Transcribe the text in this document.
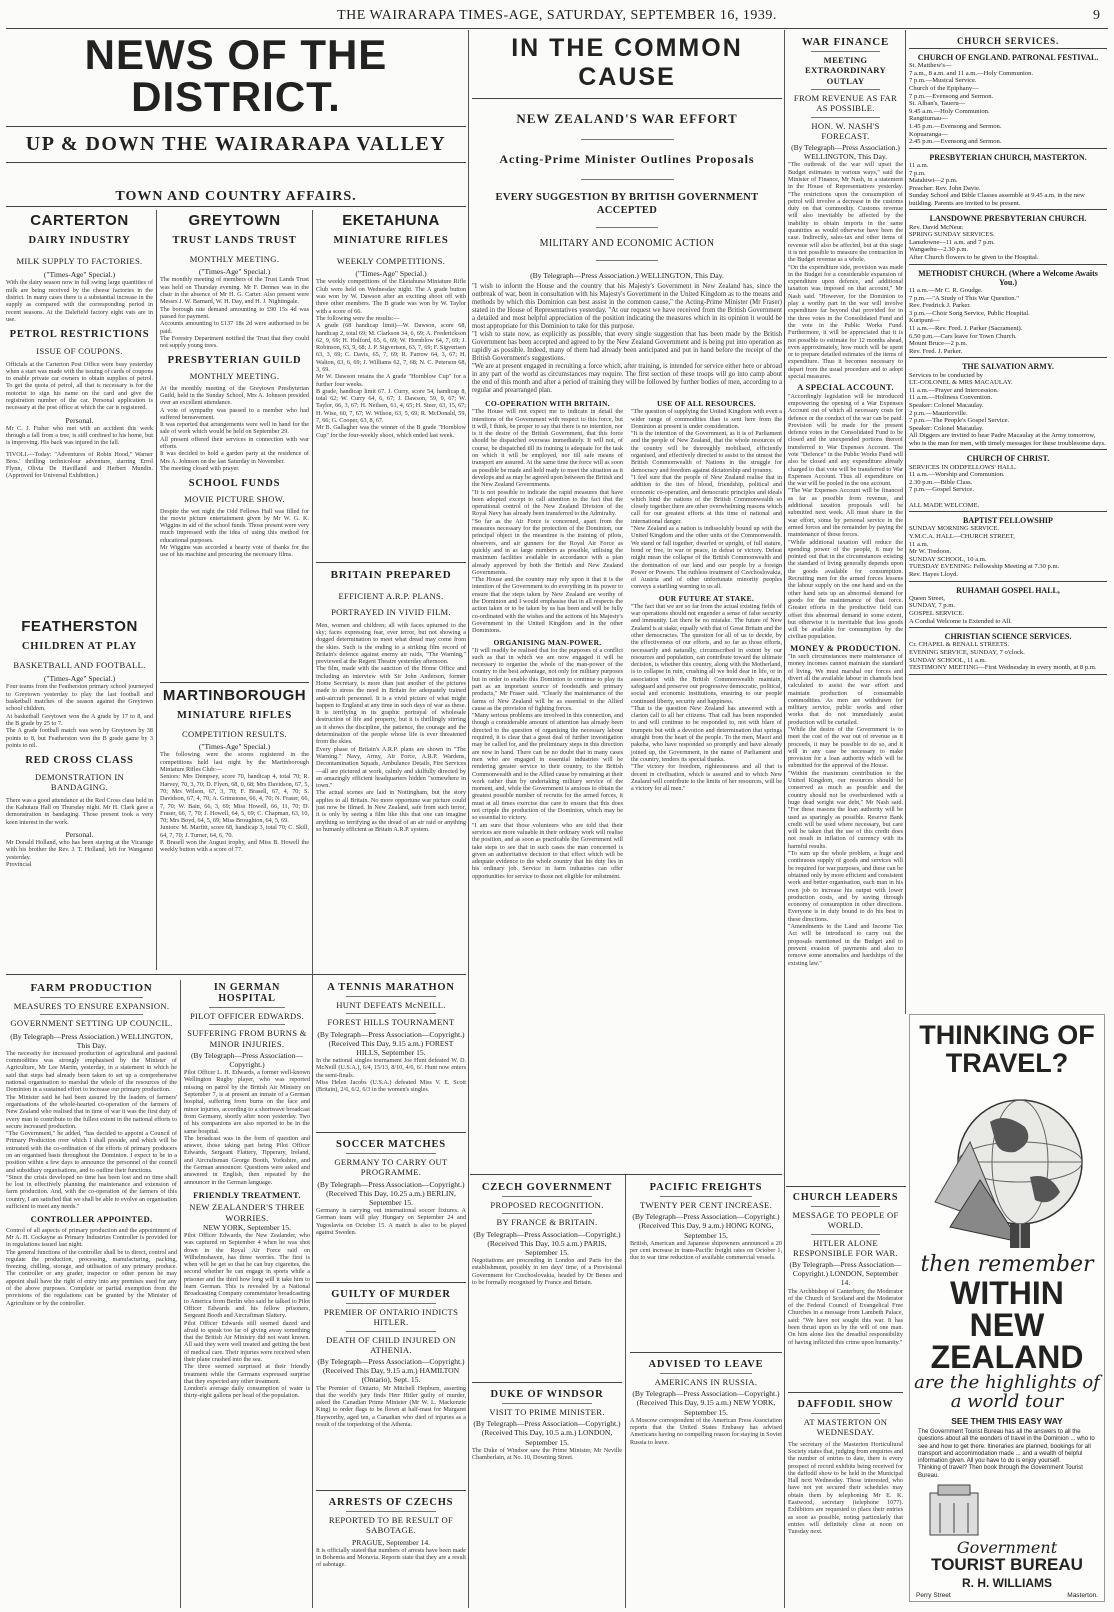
THE WAIRARAPA TIMES-AGE, SATURDAY, SEPTEMBER 16, 1939.	9
NEWS OF THE DISTRICT.
UP & DOWN THE WAIRARAPA VALLEY
TOWN AND COUNTRY AFFAIRS.
CARTERTON
DAIRY INDUSTRY
MILK SUPPLY TO FACTORIES.
("Times-Age" Special.)
With the dairy season now in full swing large quantities of milk are being received by the cheese factories in the district. In many cases there is a substantial increase in the supply as compared with the corresponding period in recent seasons. At the Dalefield factory eight vats are in use.
PETROL RESTRICTIONS
ISSUE OF COUPONS.
Officials at the Carterton Post Office were busy yesterday when a start was made with the issuing of cards of coupons to enable private car owners to obtain supplies of petrol. To get the quota of petrol, all that is necessary is for the motorist to sign his name on the card and give the registration number of the car. Personal application is necessary at the post office at which the car is registered.
Personal.
Mr C. J. Fisher who met with an accident this week through a fall from a tree, is still confined to his home, but is improving. His back was injured in the fall.
TIVOLI.—Today: "Adventures of Robin Hood," Warner Bros.' thrilling technicolour adventure, starring Errol Flynn, Olivia De Havilland and Herbert Mundin. (Approved for Universal Exhibition.)
FEATHERSTON
CHILDREN AT PLAY
BASKETBALL AND FOOTBALL.
("Times-Age" Special.)
Four teams from the Featherston primary school journeyed to Greytown yesterday to play the last football and basketball matches of the season against the Greytown school children.
At basketball Greytown won the A grade by 17 to 8, and the B grade by 25 to 7.
The A grade football match was won by Greytown by 38 points to 8, but Featherston won the B grade game by 3 points to nil.
RED CROSS CLASS
DEMONSTRATION IN BANDAGING.
There was a good attendance at the Red Cross class held in the Kahutara Hall on Thursday night. Mr H. Clark gave a demonstration in bandaging. Those present took a very keen interest in the work.
Personal.
Mr Donald Holland, who has been staying at the Vicarage with his brother the Rev. J. T. Holland, left for Wanganui yesterday.
Provincial
GREYTOWN
TRUST LANDS TRUST
MONTHLY MEETING.
("Times-Age" Special.)
The monthly meeting of members of the Trust Lands Trust was held on Thursday evening. Mr F. Dennes was in the chair in the absence of Mr H. G. Carter. Also present were Messrs J. W. Barnard, W. H. Day, and H. J. Nightingale.
The borough rate demand amounting to £90 15s 4d was passed for payment.
Accounts amounting to £137 18s 2d were authorised to be paid.
The Forestry Department notified the Trust that they could not supply young trees.
PRESBYTERIAN GUILD
MONTHLY MEETING.
At the monthly meeting of the Greytown Presbyterian Guild, held in the Sunday School, Mrs A. Johnson presided over an excellent attendance.
A vote of sympathy was passed to a member who had suffered bereavement.
It was reported that arrangements were well in hand for the sale of work which would be held on September 29.
All present offered their services in connection with war efforts.
It was decided to hold a garden party at the residence of Mrs A. Johnson on the last Saturday in November.
The meeting closed with prayer.
SCHOOL FUNDS
MOVIE PICTURE SHOW.
Despite the wet night the Odd Fellows Hall was filled for the movie picture entertainment given by Mr W. G. K. Wiggins in aid of the school funds. Those present were very much impressed with the idea of using this method for educational purposes.
Mr Wiggins was accorded a hearty vote of thanks for the use of his machine and procuring the necessary films.
MARTINBOROUGH
MINIATURE RIFLES
COMPETITION RESULTS.
("Times-Age" Special.)
The following were the scores registered in the competitions held last night by the Martinborough Miniature Rifles Club:—
Seniors: Mrs Dempsey, score 70, handicap 4, total 70; R. Harvey, 70, 3, 70; D. Flyen, 68, 0, 68; Mrs Davidson, 67, 5, 70; Mrs Wilson, 67, 3, 70; F. Brasell, 67, 4, 70; S. Davidson, 67, 4, 70; A. Grimstone, 66, 4, 70; N. Fraser, 66, 7, 70; W. Bain, 66, 3, 69; Miss Howell, 66, 11, 70; D. Fraser, 66, 7, 70; J. Howell, 64, 5, 69; C. Chapman, 63, 10, 70; Mrs Boyd, 64, 5, 69; Miss Broughton, 64, 5, 69.
Juniors: M. Marfitt, score 68, handicap 3, total 70; C. Skill, 64, 7, 70; J. Turner, 64, 6, 70.
P. Brasell won the August trophy, and Miss B. Howell the weekly button with a score of 77.
EKETAHUNA
MINIATURE RIFLES
WEEKLY COMPETITIONS.
("Times-Age" Special.)
The weekly competitions of the Eketahuna Miniature Rifle Club were held on Wednesday night. The A grade button was won by W. Dawson after an exciting shoot off with three other members. The B grade was won by W. Taylor with a score of 66.
The following were the results:—
A grade (68 handicap limit)—W. Dawson, score 68, handicap 2, total 69; M. Clarkson 34, 6, 69; A. Frederickson 62, 9, 69; H. Holford, 65, 6, 69; W. Hornblow 64, 7, 69; J. Robinson, 63, 9, 68; J. P. Sigvertsen, 63, 7, 69; F. Sigvertsen 63, 3, 69; C. Davis, 65, 7, 69; R. Farrow 64, 3, 67; H. Walton, 63, 6, 69; J. Williams 62, 7, 68; N. C. Peterson 68, 3, 69.
Mr W. Dawson retains the A grade "Hornblow Cup" for a further four weeks.
B grade, handicap limit 67. J. Curry, score 54, handicap 8, total 62; W. Curry 64, 6, 67; J. Dawson, 59, 9, 67; W. Taylor, 66, 3, 67; H. Neilsen, 61, 4, 65; H. Steer, 63, 15, 67; H. Wise, 60, 7, 67; W. Wilson, 63, 5, 69; R. McDonald, 59, 7, 66; G. Cooper, 63, 8, 67.
Mr B. Gallagher was the winner of the B grade "Hornblow Cup" for the four-weekly shoot, which ended last week.
BRITAIN PREPARED
EFFICIENT A.R.P. PLANS.
PORTRAYED IN VIVID FILM.
Men, women and children; all with faces upturned to the sky; faces expressing fear, ever terror, but not showing a dogged determination to meet what dread may come from the skies. Such is the ending to a striking film record of Britain's defence against enemy air raids, "The Warning," previewed at the Regent Theatre yesterday afternoon.
The film, made with the sanction of the Home Office and including an interview with Sir John Anderson, former Home Secretary, is more than just another of the pictures made to stress the need in Britain for adequately trained anti-aircraft personnel. It is a vivid picture of what might happen to England at any time in such days of war as these. It is terrifying in its graphic portrayal of wholesale destruction of life and property, but it is thrillingly stirring as it shows the discipline, the patience, the courage and the determination of the people whose life is ever threatened from the skies.
Every phase of Britain's A.R.P. plans are shown in "The Warning." Navy, Army, Air Force, A.R.P. Wardens, Decontamination Squads, Ambulance Details, Fire Services—all are pictured at work, calmly and skilfully directed by an amazingly efficient headquarters hidden "somewhere in town."
The actual scenes are laid in Nottingham, but the story applies to all Britain. No more opportune war picture could just now be filmed. In New Zealand, safe from such terror, it is only by seeing a film like this that one can imagine anything so terrifying as the dread of an air raid or anything so humanly efficient as Britain A.R.P. system.
FARM PRODUCTION
MEASURES TO ENSURE EXPANSION.
GOVERNMENT SETTING UP COUNCIL.
(By Telegraph—Press Association.) WELLINGTON, This Day.
The necessity for increased production of agricultural and pastoral commodities was strongly emphasised by the Minister of Agriculture, Mr Lee Martin, yesterday, in a statement in which he said that steps had already been taken to set up a comprehensive national organisation to marshal the whole of the resources of the Dominion in a sustained effort to increase our primary production.
The Minister said he had been assured by the leaders of farmers' organisations of the whole-hearted co-operation of the farmers of New Zealand who realised that in time of war it was the first duty of every man to contribute to the fullest extent in the national efforts to secure increased production.
"The Government," he added, "has decided to appoint a Council of Primary Production over which I shall preside, and which will be entrusted with the co-ordination of the efforts of primary producers on an organised basis throughout the Dominion. I expect to be in a position within a few days to announce the personnel of the council and subsidiary organisations, and to outline their functions.
"Since the crisis developed no time has been lost and no time shall be lost in effectively planning the maintenance and extension of farm production. And, with the co-operation of the farmers of this country, I am satisfied that we shall be able to evolve an organisation sufficient to meet any needs."
CONTROLLER APPOINTED.
Control of all aspects of primary production and the appointment of Mr A. H. Cockayne as Primary Industries Controller is provided for in regulations issued last night.
The general functions of the controller shall be to direct, control and regulate the production, processing, manufacturing, packing, freezing, chilling, storage, and utilisation of any primary produce. The controller or any grader, inspector or other person he may appoint shall have the right of entry into any premises used for any of the above purposes. Complete or partial exemption from the provisions of the regulations can be granted by the Minister of Agriculture or by the controller.
IN GERMAN HOSPITAL
PILOT OFFICER EDWARDS.
SUFFERING FROM BURNS & MINOR INJURIES.
(By Telegraph—Press Association—Copyright.)
Pilot Officer L. H. Edwards, a former well-known Wellington Rugby player, who was reported missing on patrol by the British Air Ministry on September 7, is at present an inmate of a German hospital, suffering from burns on the face and minor injuries, according to a shortwave broadcast from Germany, shortly after noon yesterday. Two of his companions are also reported to be in the same hospital.
The broadcast was in the form of question and answer, those taking part being Pilot Officer Edwards, Sergeant Flattery, Tipperary, Ireland, and Aircraftsman George Booth, Yorkshire, and the German announcer. Questions were asked and answered in English, then repeated by the announcer in the German language.
FRIENDLY TREATMENT.
NEW ZEALANDER'S THREE WORRIES.
NEW YORK, September 15.
Pilot Officer Edwards, the New Zealander, who was captured on September 4 when he was shot down in the Royal Air Force raid on Wilhelmshaven, has three worries. The first is when will he get so that he can buy cigarettes, the second whether he can engage in sports while a prisoner and the third how long will it take him to learn German. This is revealed by a National Broadcasting Company commentator broadcasting to America from Berlin who said he talked to Pilot Officer Edwards and his fellow prisoners, Sergeant Booth and Aircraftman Slattery.
Pilot Officer Edwards still seemed dazed and afraid to speak too far of giving away something that the British Air Ministry did not want known. All said they were well treated and getting the best of medical care. Their injuries were received when their plane crashed into the sea.
The three seemed surprised at their friendly treatment while the Germans expressed surprise that they expected any other treatment.
London's average daily consumption of water is thirty-eight gallons per head of the population.
A TENNIS MARATHON
HUNT DEFEATS McNEILL.
FOREST HILLS TOURNAMENT
(By Telegraph—Press Association—Copyright.) (Received This Day, 9.15 a.m.) FOREST HILLS, September 15.
In the national singles tournament Joe Hunt defeated W. D. McNeill (U.S.A.), 6/4, 15/13, 8/10, 4/6, 6/. Hunt now enters the semi-finals.
Miss Helen Jacobs (U.S.A.) defeated Miss V. E. Scott (Britain), 2/6, 6/2, 6/3 in the women's singles.
SOCCER MATCHES
GERMANY TO CARRY OUT PROGRAMME.
(By Telegraph—Press Association—Copyright.) (Received This Day, 10.25 a.m.) BERLIN, September 15.
Germany is carrying out international soccer fixtures. A German team will play Hungary on September 24 and Yugoslavia on October 15. A match is also to be played against Sweden.
GUILTY OF MURDER
PREMIER OF ONTARIO INDICTS HITLER.
DEATH OF CHILD INJURED ON ATHENIA.
(By Telegraph—Press Association—Copyright.) (Received This Day, 9.15 a.m.) HAMILTON (Ontario), Sept. 15.
The Premier of Ontario, Mr Mitchell Hepburn, asserting that the world's jury finds Herr Hitler guilty of murder, asked the Canadian Prime Minister (Mr W. L. Mackenzie King) to order flags to be flown at half-mast for Margaret Hayworthy, aged ten, a Canadian who died of injuries as a result of the torpedoing of the Athenia.
ARRESTS OF CZECHS
REPORTED TO BE RESULT OF SABOTAGE.
PRAGUE, September 14.
It is officially stated that numbers of arrests have been made in Bohemia and Moravia. Reports state that they are a result of sabotage.
IN THE COMMON CAUSE
NEW ZEALAND'S WAR EFFORT
Acting-Prime Minister Outlines Proposals
EVERY SUGGESTION BY BRITISH GOVERNMENT ACCEPTED
MILITARY AND ECONOMIC ACTION
(By Telegraph—Press Association.) WELLINGTON, This Day.
"I wish to inform the House and the country that his Majesty's Government in New Zealand has, since the outbreak of war, been in consultation with his Majesty's Government in the United Kingdom as to the means and methods by which this Dominion can best assist in the common cause," the Acting-Prime Minister (Mr Fraser) stated in the House of Representatives yesterday. "At our request we have received from the British Government a detailed and most helpful appreciation of the position indicating the measures which in its opinion it would be most appropriate for this Dominion to take for this purpose.
"I wish to state now, as explicitly as possible, that every single suggestion that has been made by the British Government has been accepted and agreed to by the New Zealand Government and is being put into operation as rapidly as possible. Indeed, many of them had already been anticipated and put in hand before the receipt of the British Government's suggestions.
"We are at present engaged in recruiting a force which, after training, is intended for service either here or abroad in any part of the world as circumstances may require. The first section of these troops will go into camp about the end of this month and after a period of training they will be followed by further bodies of men, according to a regular and prearranged plan.
CO-OPERATION WITH BRITAIN.
"The House will not expect me to indicate in detail the intentions of the Government with respect to this force, but it will, I think, be proper to say that there is no intention, nor is it the desire of the British Government, that this force should be dispatched overseas immediately. It will not, of course, be dispatched till its training is adequate for the task on which it will be employed, nor till safe means of transport are assured. At the same time the force will as soon as possible be made and held ready to meet the situation as it develops and as may be agreed upon between the British and the New Zealand Governments.
"It is not possible to indicate the rapid measures that have been adopted except to call attention to the fact that the operational control of the New Zealand Division of the Royal Navy has already been transferred to the Admiralty.
"So far as the Air Force is concerned, apart from the measures necessary for the protection of the Dominion, our principal object in the meantime is the training of pilots, observers, and air gunners for the Royal Air Force as quickly and in as large numbers as possible, utilising the maximum facilities available in accordance with a plan already approved by both the British and New Zealand Governments.
"The House and the country may rely upon it that it is the intention of the Government to do everything in its power to ensure that the steps taken by New Zealand are worthy of the Dominion and I would emphasise that in all respects the action taken or to be taken by us has been and will be fully co-ordinated with the wishes and the actions of his Majesty's Government in the United Kingdom and in the other Dominions.
ORGANISING MAN-POWER.
"It will readily be realised that for the purposes of a conflict such as that in which we are now engaged it will be necessary to organise the whole of the man-power of the country to the best advantage, not only for military purposes but in order to enable this Dominion to continue to play its part as an important source of foodstuffs and primary products," Mr Fraser said. "Clearly the maintenance of the farms of New Zealand will be as essential to the Allied cause as the provision of fighting forces.
"Many serious problems are involved in this connection, and though a considerable amount of attention has already been directed to the question of organising the necessary labour required, it is clear that a great deal of further investigation may be called for, and the preliminary steps in this direction are now in hand. There can be no doubt that in many cases men who are engaged in essential industries will be rendering greater service to their country, to the British Commonwealth and to the Allied cause by remaining at their work rather than by undertaking military service of the moment, and, while the Government is anxious to obtain the greatest possible number of recruits for the armed forces, it must at all times exercise due care to ensure that this does not cripple the production of the Dominion, which may be so essential to victory.
"I am sure that those volunteers who are told that their services are more valuable in their ordinary work will realise the position, and as soon as practicable the Government will take steps to see that in such cases the man concerned is given an authoritative decision to that effect which will be adequate evidence to the whole country that his duty lies in his ordinary job. Service in farm industries can offer opportunities for service to those not eligible for enlistment.
USE OF ALL RESOURCES.
"The question of supplying the United Kingdom with even a wider range of commodities than is sent here from the Dominion at present is under consideration.
"It is the intention of the Government, as it is of Parliament and the people of New Zealand, that the whole resources of the country will be thoroughly mobilised, efficiently organised, and effectively directed to assist to the utmost the British Commonwealth of Nations in the struggle for democracy and freedom against dictatorship and tyranny.
"I feel sure that the people of New Zealand realise that in addition to the ties of blood, friendship, political and economic co-operation, and democratic principles and ideals which bind the nations of the British Commonwealth so closely together there are other overwhelming reasons which call for our greatest efforts at this time of national and international danger.
"New Zealand as a nation is indissolubly bound up with the United Kingdom and the other units of the Commonwealth. We stand or fall together, dwarfed or upright, of full stature, bond or free, in war or peace, in defeat or victory. Defeat might mean the collapse of the British Commonwealth and the domination of our land and our people by a foreign Power or Powers. The ruthless treatment of Czechoslovakia, of Austria and of other unfortunate minority peoples conveys a startling warning to us all.
OUR FUTURE AT STAKE.
"The fact that we are so far from the actual existing fields of war operations should not engender a sense of false security and immunity. Let there be no mistake. The future of New Zealand is at stake, equally with that of Great Britain and the other democracies. The question for all of us to decide, by the effectiveness of our efforts, and so far as those efforts, necessarily and naturally, circumscribed in extent by our resources and population, can contribute toward the ultimate decision, is whether this country, along with the Motherland, is to collapse in ruin, crushing all we hold dear in life, or in association with the British Commonwealth maintain, safeguard and preserve our progressive democratic, political, social and economic institutions, ensuring to our people continued liberty, security and happiness.
"That is the question New Zealand has answered with a clarion call to all her citizens. That call has been responded to and will continue to be responded to, not with blare of trumpets but with a devotion and determination that springs straight from the heart of the people. To the men, Maori and pakeha, who have responded so promptly and have already joined up, the Government, in the name of Parliament and the country, tenders its special thanks.
"The victory for freedom, righteousness and all that is decent in civilisation, which is assured and to which New Zealand will contribute to the limits of her resources, will be a victory for all men."
CZECH GOVERNMENT
PROPOSED RECOGNITION.
BY FRANCE & BRITAIN.
(By Telegraph—Press Association—Copyright.) (Received This Day, 10.5 a.m.) PARIS, September 15.
Negotiations are proceeding in London and Paris for the establishment, possibly in ten days' time, of a Provisional Government for Czechoslovakia, headed by Dr Benes and to be formally recognised by France and Britain.
DUKE OF WINDSOR
VISIT TO PRIME MINISTER.
(By Telegraph—Press Association—Copyright.) (Received This Day, 10.5 a.m.) LONDON, September 15.
The Duke of Windsor saw the Prime Minister, Mr Neville Chamberlain, at No. 10, Downing Street.
PACIFIC FREIGHTS
TWENTY PER CENT INCREASE.
(By Telegraph—Press Association—Copyright.) (Received This Day, 9 a.m.) HONG KONG, September 15.
British, American and Japanese shipowners announced a 20 per cent increase in trans-Pacific freight rates on October 1, due to war time reduction of available commercial vessels.
ADVISED TO LEAVE
AMERICANS IN RUSSIA.
(By Telegraph—Press Association—Copyright.) (Received This Day, 9.15 a.m.) NEW YORK, September 15.
A Moscow correspondent of the American Press Association reports that the United States Embassy has advised Americans having no compelling reason for staying in Soviet Russia to leave.
WAR FINANCE
MEETING EXTRAORDINARY OUTLAY
FROM REVENUE AS FAR AS POSSIBLE.
HON. W. NASH'S FORECAST.
(By Telegraph—Press Association.) WELLINGTON, This Day.
"The outbreak of the war will upset the Budget estimates in various ways," said the Minister of Finance, Mr Nash, in a statement in the House of Representatives yesterday. "The restrictions upon the consumption of petrol will involve a decrease in the customs duty on that commodity. Customs revenue will also inevitably be affected by the inability to obtain imports in the same quantities as would otherwise have been the case. Indirectly, sales-tax and other items of revenue will also be affected, but at this stage it is not possible to measure the contraction in the Budget revenue as a whole.
"On the expenditure side, provision was made in the Budget for a considerable expansion of expenditure upon defence, and additional taxation was imposed on that account," Mr Nash said. "However, for the Dominion to play a worthy part in the war will involve expenditure far beyond that provided for in the three votes in the Consolidated Fund and the vote in the Public Works Fund. Furthermore, it will be appreciated that it is not possible to estimate for 12 months ahead, even approximately, how much will be spent or to prepare detailed estimates of the items of expenditure. Thus it becomes necessary to depart from the usual procedure and to adopt special measures.
A SPECIAL ACCOUNT.
"Accordingly legislation will be introduced empowering the opening of a War Expenses Account out of which all necessary costs for defence or the conduct of the war can be paid. Provision will be made for the present defence votes in the Consolidated Fund to be closed and the unexpended portions thereof transferred to War Expenses Account. The vote "Defence" in the Public Works Fund will also be closed and any expenditure already charged to that vote will be transferred to War Expenses Account. Thus all expenditure on the war will be pooled in the one account.
"The War Expenses Account will be financed as far as possible from revenue, and additional taxation proposals will be submitted next week. All must share in the war effort, some by personal service in the armed forces and the remainder by paying the maintenance of those forces.
"While additional taxation will reduce the spending power of the people, it may be pointed out that in the circumstances existing the standard of living generally depends upon the goods available for consumption. Recruiting men for the armed forces lessens the labour supply on the one hand and on the other hand sets up an abnormal demand for goods for the maintenance of that force. Greater efforts in the productive field can offset this abnormal demand to some extent, but otherwise it is inevitable that less goods will be available for consumption by the civilian population.
MONEY & PRODUCTION.
"In such circumstances mere maintenance of money incomes cannot maintain the standard of living. We must marshal our forces and divert all the available labour in channels best calculated to assist the war effort and maintain production of consumable commodities. As men are withdrawn for military service, public works and other works that do not immediately assist production will be curtailed.
"While the desire of the Government is to meet the cost of the war out of revenue as it proceeds, it may be possible to do so, and it will in any case be necessary to make provision for a loan authority which will be submitted for the approval of the House.
"Within the maximum contribution to the United Kingdom, our resources should be conserved as much as possible and the country should not be overburdened with a huge dead weight war debt," Mr Nash said. "For these reasons the loan authority will be used as sparingly as possible. Reserve Bank credit will be used where necessary, but care will be taken that the use of this credit does not result in inflation of currency with its harmful results.
"To sum up the whole problem, a huge and continuous supply of goods and services will be required for war purposes, and these can be obtained only by more efficient and consistent work and better organisation, each man in his own job to increase his output with lower production costs, and by saving through economy of consumption in other directions. Everyone is in duty bound to do his best in these directions.
"Amendments to the Land and Income Tax Act will be introduced to carry out the proposals mentioned in the Budget and to prevent evasion of payments and also to remove some anomalies and hardships of the existing law."
CHURCH LEADERS
MESSAGE TO PEOPLE OF WORLD.
HITLER ALONE RESPONSIBLE FOR WAR.
(By Telegraph—Press Association—Copyright.) LONDON, September 14.
The Archbishop of Canterbury, the Moderator of the Church of Scotland and the Moderator of the Federal Council of Evangelical Free Churches in a message from Lambeth Palace, said: "We have not sought this war. It has been thrust upon us by the will of one man. On him alone lies the dreadful responsibility of having inflicted this crime upon humanity."
DAFFODIL SHOW
AT MASTERTON ON WEDNESDAY.
The secretary of the Masterton Horticultural Society states that, judging from enquiries and the number of entries to date, there is every prospect of record exhibits being received for the daffodil show to be held in the Municipal Hall next Wednesday. Those interested, who have not yet secured their schedules may obtain them by telephoning Mr E. K. Eastwood, secretary (telephone 1077). Exhibitors are requested to place their entries as soon as possible, noting particularly that entries will definitely close at noon on Tuesday next.
CHURCH SERVICES.
CHURCH OF ENGLAND. PATRONAL FESTIVAL.
St. Matthew's—
7 a.m., 8 a.m. and 11 a.m.—Holy Communion.
7 p.m.—Musical Service.
Church of the Epiphany—
7 p.m.—Evensong and Sermon.
St. Alban's, Taueru—
9.45 a.m.—Holy Communion.
Rangitumau—
1.45 p.m.—Evensong and Sermon.
Kopuaranga—
2.45 p.m.—Evensong and Sermon.
PRESBYTERIAN CHURCH, MASTERTON.
11 a.m.
7 p.m.
Matahiwi—2 p.m.
Preacher: Rev. John Davie.
Sunday School and Bible Classes assemble at 9.45 a.m. in the new building. Parents are invited to be present.
LANSDOWNE PRESBYTERIAN CHURCH.
Rev. David McNeur.
SPRING SUNDAY SERVICES.
Lansdowne—11 a.m. and 7 p.m.
Wangaehu—2.30 p.m.
After Church flowers to be given to the Hospital.
METHODIST CHURCH. (Where a Welcome Awaits You.)
11 a.m.—Mr C. R. Goudge.
7 p.m.—"A Study of This War Question."
Rev. Fredrick J. Parker.
3 p.m.—Choir Song Service, Public Hospital.
Kuripuni—
11 a.m.—Rev. Fred. J. Parker (Sacrament).
6.50 p.m.—Cars leave for Town Church.
Mount Bruce—2 p.m.
Rev. Fred. J. Parker.
THE SALVATION ARMY.
Services to be conducted by
LT.-COLONEL & MRS MACAULAY.
11 a.m.—Prayer and Intercession.
11 a.m.—Holiness Convention.
Speaker: Colonel Macaulay.
2 p.m.—Mauriceville.
7 p.m.—The People's Gospel Service.
Speaker: Colonel Macaulay.
All Diggers are invited to hear Padre Macaulay at the Army tomorrow, who is the man for men, with timely messages for these troublesome days.
CHURCH OF CHRIST.
SERVICES IN ODDFELLOWS' HALL.
11 a.m.—Worship and Communion.
2.30 p.m.—Bible Class.
7 p.m.—Gospel Service.

ALL MADE WELCOME.
BAPTIST FELLOWSHIP
SUNDAY MORNING SERVICE.
Y.M.C.A. HALL—CHURCH STREET,
11 a.m.
Mr W. Tredoon.
SUNDAY SCHOOL, 10 a.m.
TUESDAY EVENING: Fellowship Meeting at 7.30 p.m.
Rev. Hayes Lloyd.
RUHAMAH GOSPEL HALL,
Queen Street,
SUNDAY, 7 p.m.
GOSPEL SERVICE.
A Cordial Welcome is Extended to All.
CHRISTIAN SCIENCE SERVICES.
Cr. CHAPEL & RENALL STREETS.
EVENING SERVICE, SUNDAY, 7 o'clock.
SUNDAY SCHOOL, 11 a.m.
TESTIMONY MEETING—First Wednesday in every month, at 8 p.m.
THINKING OF TRAVEL?
then remember
WITHIN NEW ZEALAND
are the highlights of a world tour
SEE THEM THIS EASY WAY
The Government Tourist Bureau has all the answers to all the questions about all the wonders of travel in the Dominion ... who to see and how to get there. Itineraries are planned, bookings for all transport and accommodation made ... and a wealth of helpful information given. All you have to do is enjoy yourself.
Thinking of travel? Then book through the Government Tourist Bureau.
Government
TOURIST BUREAU
R. H. WILLIAMS
Perry Street	Masterton.
